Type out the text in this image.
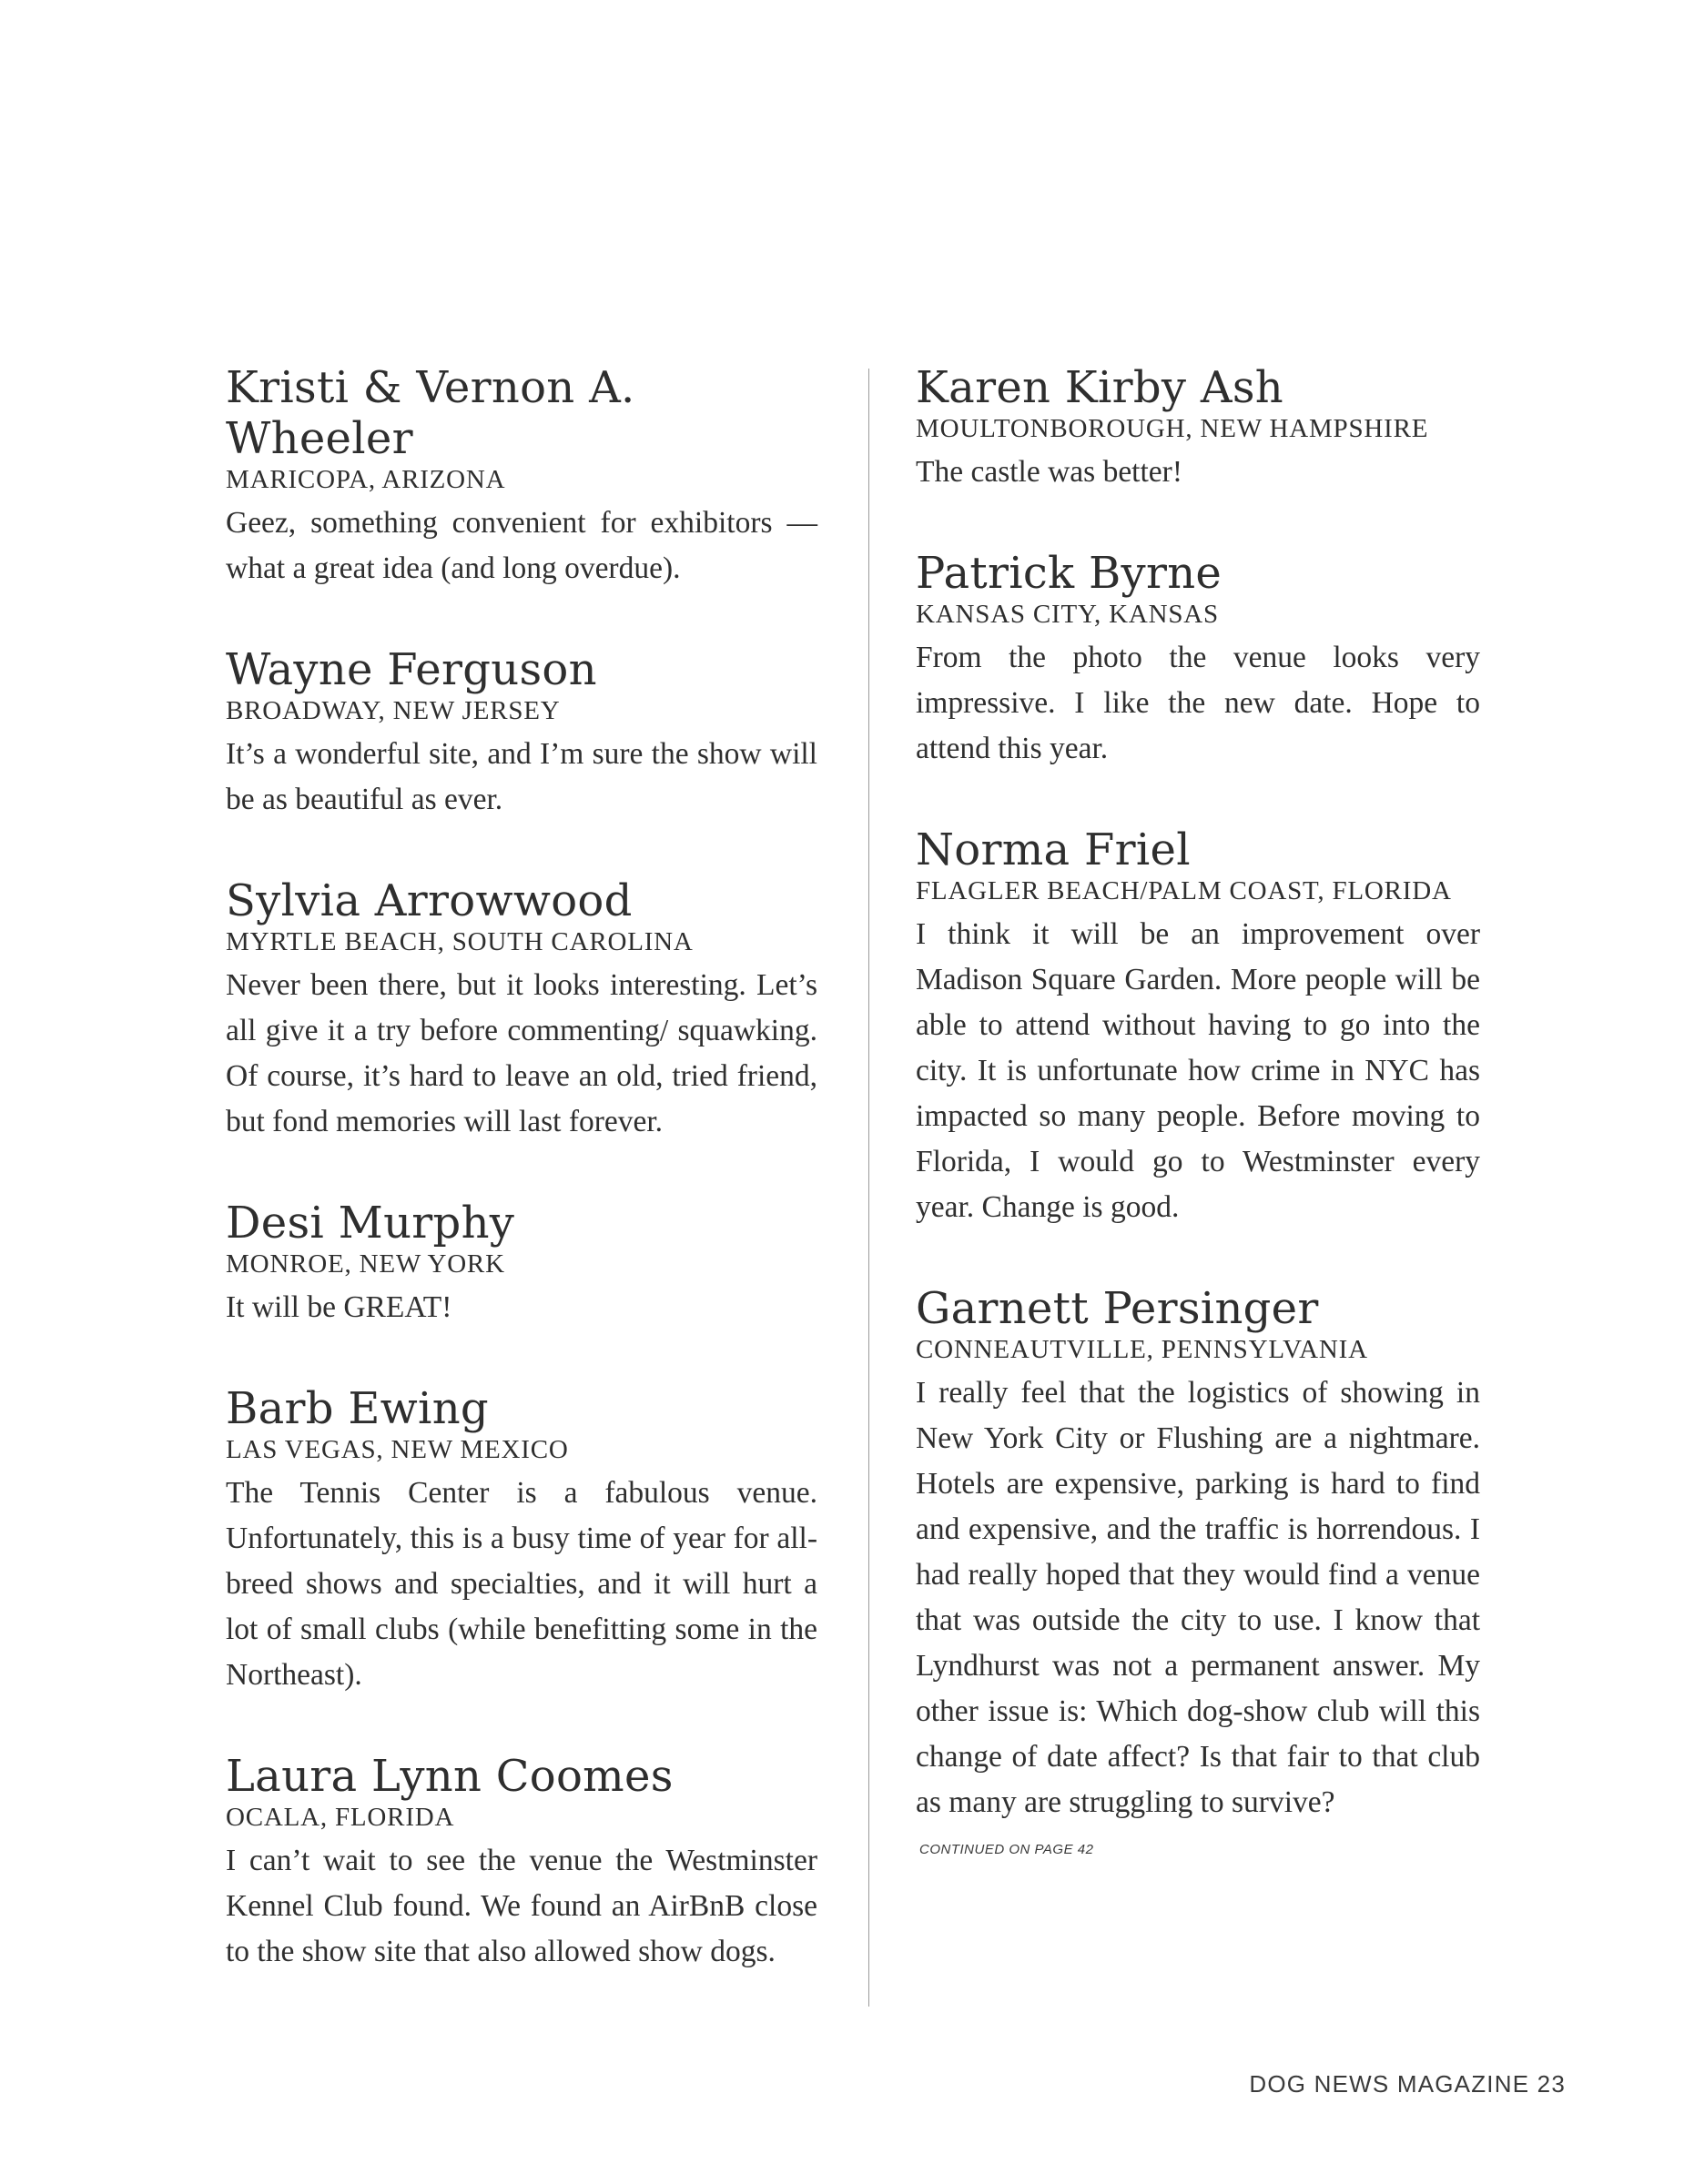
Kristi & Vernon A. Wheeler

MARICOPA, ARIZONA

Geez, something convenient for exhibitors — what a great idea (and long overdue).

Wayne Ferguson

BROADWAY, NEW JERSEY

It’s a wonderful site, and I’m sure the show will be as beautiful as ever.

Sylvia Arrowwood

MYRTLE BEACH, SOUTH CAROLINA

Never been there, but it looks interesting. Let’s all give it a try before commenting/ squawking. Of course, it’s hard to leave an old, tried friend, but fond memories will last forever.

Desi Murphy

MONROE, NEW YORK

It will be GREAT!

Barb Ewing

LAS VEGAS, NEW MEXICO

The Tennis Center is a fabulous venue. Unfortunately, this is a busy time of year for all-breed shows and specialties, and it will hurt a lot of small clubs (while benefitting some in the Northeast).

Laura Lynn Coomes

OCALA, FLORIDA

I can’t wait to see the venue the Westminster Kennel Club found. We found an AirBnB close to the show site that also allowed show dogs.

Karen Kirby Ash

MOULTONBOROUGH, NEW HAMPSHIRE

The castle was better!

Patrick Byrne

KANSAS CITY, KANSAS

From the photo the venue looks very impressive. I like the new date. Hope to attend this year.

Norma Friel

FLAGLER BEACH/PALM COAST, FLORIDA

I think it will be an improvement over Madison Square Garden. More people will be able to attend without having to go into the city. It is unfortunate how crime in NYC has impacted so many people. Before moving to Florida, I would go to Westminster every year. Change is good.

Garnett Persinger

CONNEAUTVILLE, PENNSYLVANIA

I really feel that the logistics of showing in New York City or Flushing are a nightmare. Hotels are expensive, parking is hard to find and expensive, and the traffic is horrendous. I had really hoped that they would find a venue that was outside the city to use. I know that Lyndhurst was not a permanent answer. My other issue is: Which dog-show club will this change of date affect? Is that fair to that club as many are struggling to survive?

CONTINUED ON PAGE 42

DOG NEWS MAGAZINE 23
